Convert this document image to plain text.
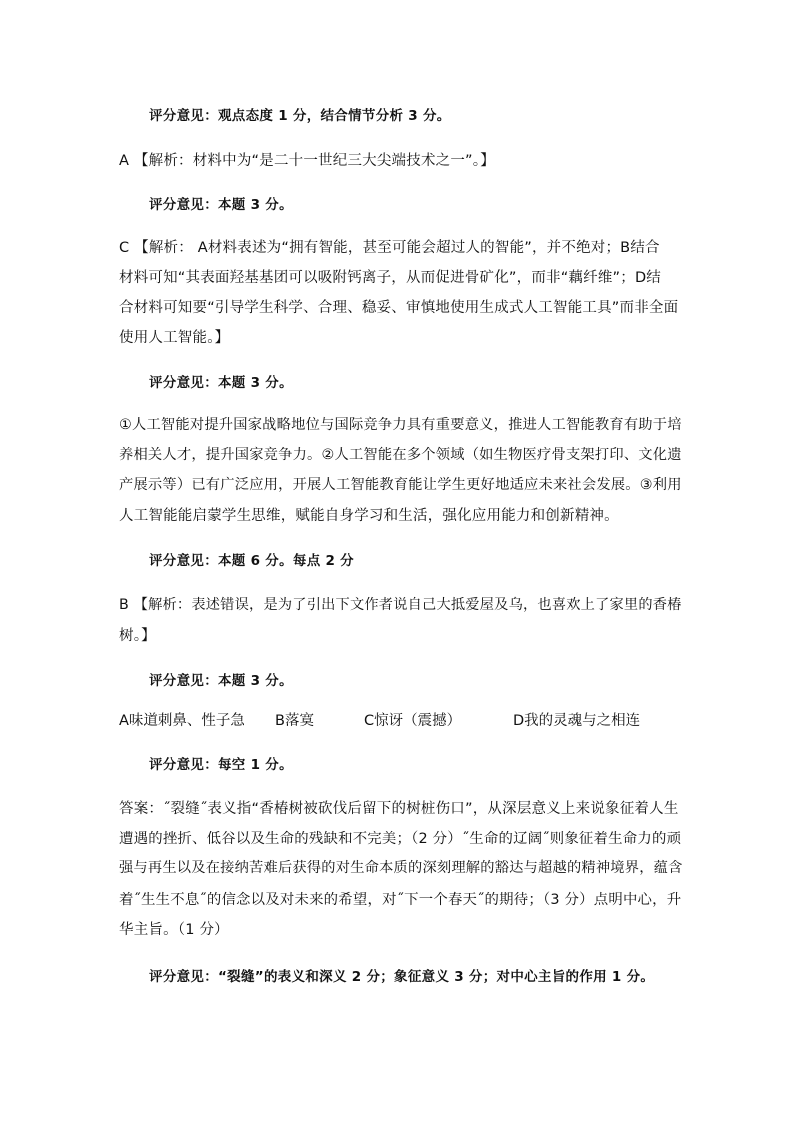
评分意见：观点态度 1 分，结合情节分析 3 分。
A 【解析：材料中为“是二十一世纪三大尖端技术之一”。】
评分意见：本题 3 分。
C 【解析： A材料表述为“拥有智能，甚至可能会超过人的智能”，并不绝对；B结合
材料可知“其表面羟基基团可以吸附钙离子，从而促进骨矿化”，而非“藕纤维”；D结
合材料可知要“引导学生科学、合理、稳妥、审慎地使用生成式人工智能工具”而非全面
使用人工智能。】
评分意见：本题 3 分。
①人工智能对提升国家战略地位与国际竞争力具有重要意义，推进人工智能教育有助于培
养相关人才，提升国家竞争力。②人工智能在多个领域（如生物医疗骨支架打印、文化遗
产展示等）已有广泛应用，开展人工智能教育能让学生更好地适应未来社会发展。③利用
人工智能能启蒙学生思维，赋能自身学习和生活，强化应用能力和创新精神。
评分意见：本题 6 分。每点 2 分
B 【解析：表述错误，是为了引出下文作者说自己大抵爱屋及乌，也喜欢上了家里的香椿
树。】
评分意见：本题 3 分。
A味道刺鼻、性子急 B落寞	C惊讶（震撼）	D我的灵魂与之相连
评分意见：每空 1 分。
答案：˝裂缝˝表义指“香椿树被砍伐后留下的树桩伤口”，从深层意义上来说象征着人生
遭遇的挫折、低谷以及生命的残缺和不完美；（2 分）˝生命的辽阔˝则象征着生命力的顽
强与再生以及在接纳苦难后获得的对生命本质的深刻理解的豁达与超越的精神境界，蕴含
着˝生生不息˝的信念以及对未来的希望，对˝下一个春天˝的期待；（3 分）点明中心，升
华主旨。（1 分）
评分意见：“裂缝”的表义和深义 2 分；象征意义 3 分；对中心主旨的作用 1 分。
